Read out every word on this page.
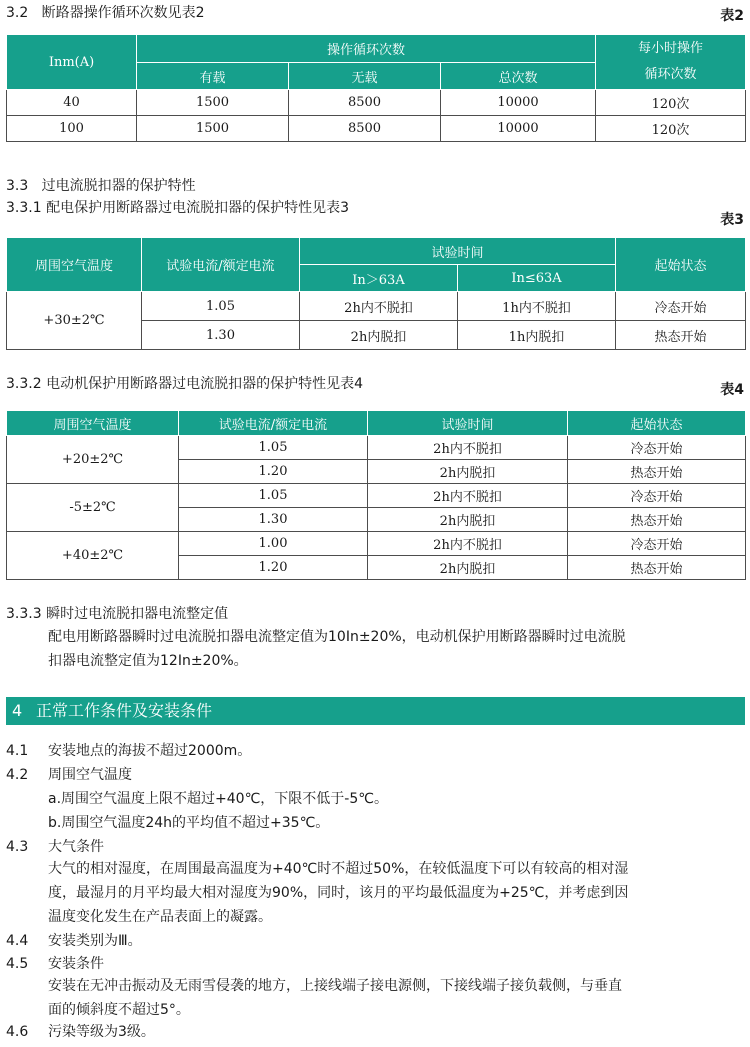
3.2 断路器操作循环次数见表2	表2
Inm(A)	操作循环次数			每小时操作
循环次数
	有载	无载	总次数	
40	1500	8500	10000	120次
100	1500	8500	10000	120次
3.3 过电流脱扣器的保护特性
3.3.1 配电保护用断路器过电流脱扣器的保护特性见表3
表3
周围空气温度	试验电流/额定电流	试验时间		起始状态
		In＞63A	In≤63A	
+30±2℃	1.05	2h内不脱扣	1h内不脱扣	冷态开始
	1.30	2h内脱扣	1h内脱扣	热态开始
3.3.2 电动机保护用断路器过电流脱扣器的保护特性见表4	表4
周围空气温度	试验电流/额定电流	试验时间	起始状态
+20±2℃	1.05	2h内不脱扣	冷态开始
	1.20	2h内脱扣	热态开始
-5±2℃	1.05	2h内不脱扣	冷态开始
	1.30	2h内脱扣	热态开始
+40±2℃	1.00	2h内不脱扣	冷态开始
	1.20	2h内脱扣	热态开始
3.3.3 瞬时过电流脱扣器电流整定值
配电用断路器瞬时过电流脱扣器电流整定值为10In±20%，电动机保护用断路器瞬时过电流脱
扣器电流整定值为12In±20%。
4 正常工作条件及安装条件
4.1 安装地点的海拔不超过2000m。
4.2 周围空气温度
a.周围空气温度上限不超过+40℃，下限不低于-5℃。
b.周围空气温度24h的平均值不超过+35℃。
4.3 大气条件
大气的相对湿度，在周围最高温度为+40℃时不超过50%，在较低温度下可以有较高的相对湿
度，最湿月的月平均最大相对湿度为90%，同时，该月的平均最低温度为+25℃，并考虑到因
温度变化发生在产品表面上的凝露。
4.4 安装类别为Ⅲ。
4.5 安装条件
安装在无冲击振动及无雨雪侵袭的地方，上接线端子接电源侧，下接线端子接负载侧，与垂直
面的倾斜度不超过5°。
4.6 污染等级为3级。
